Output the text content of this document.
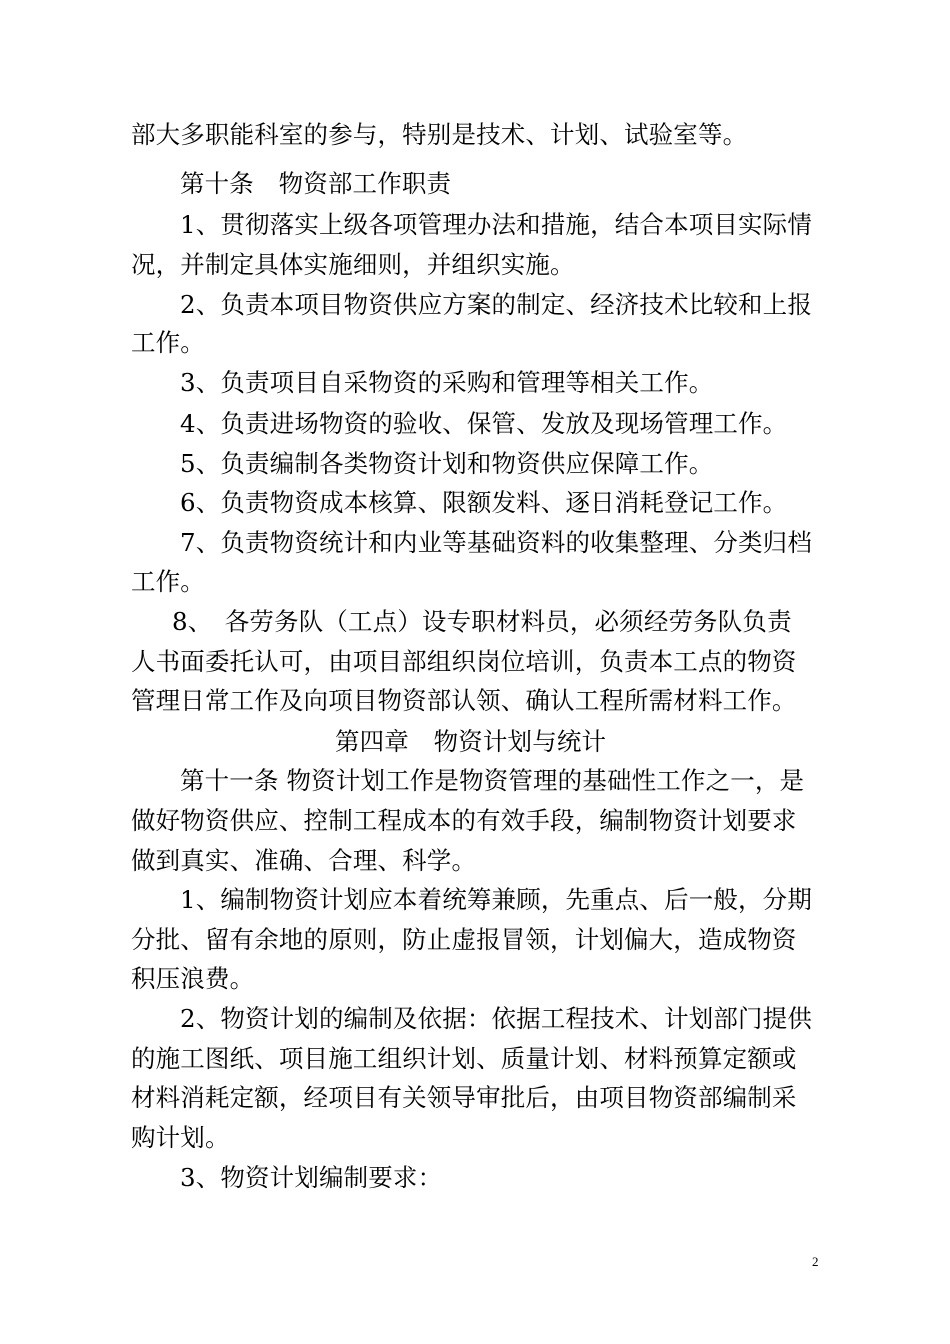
部大多职能科室的参与，特别是技术、计划、试验室等。
第十条　物资部工作职责
1、贯彻落实上级各项管理办法和措施，结合本项目实际情
况，并制定具体实施细则，并组织实施。
2、负责本项目物资供应方案的制定、经济技术比较和上报
工作。
3、负责项目自采物资的采购和管理等相关工作。
4、负责进场物资的验收、保管、发放及现场管理工作。
5、负责编制各类物资计划和物资供应保障工作。
6、负责物资成本核算、限额发料、逐日消耗登记工作。
7、负责物资统计和内业等基础资料的收集整理、分类归档
工作。
8、　各劳务队（工点）设专职材料员，必须经劳务队负责
人书面委托认可，由项目部组织岗位培训，负责本工点的物资
管理日常工作及向项目物资部认领、确认工程所需材料工作。
第四章　物资计划与统计
第十一条 物资计划工作是物资管理的基础性工作之一，是
做好物资供应、控制工程成本的有效手段，编制物资计划要求
做到真实、准确、合理、科学。
1、编制物资计划应本着统筹兼顾，先重点、后一般，分期
分批、留有余地的原则，防止虚报冒领，计划偏大，造成物资
积压浪费。
2、物资计划的编制及依据：依据工程技术、计划部门提供
的施工图纸、项目施工组织计划、质量计划、材料预算定额或
材料消耗定额，经项目有关领导审批后，由项目物资部编制采
购计划。
3、物资计划编制要求：
2
